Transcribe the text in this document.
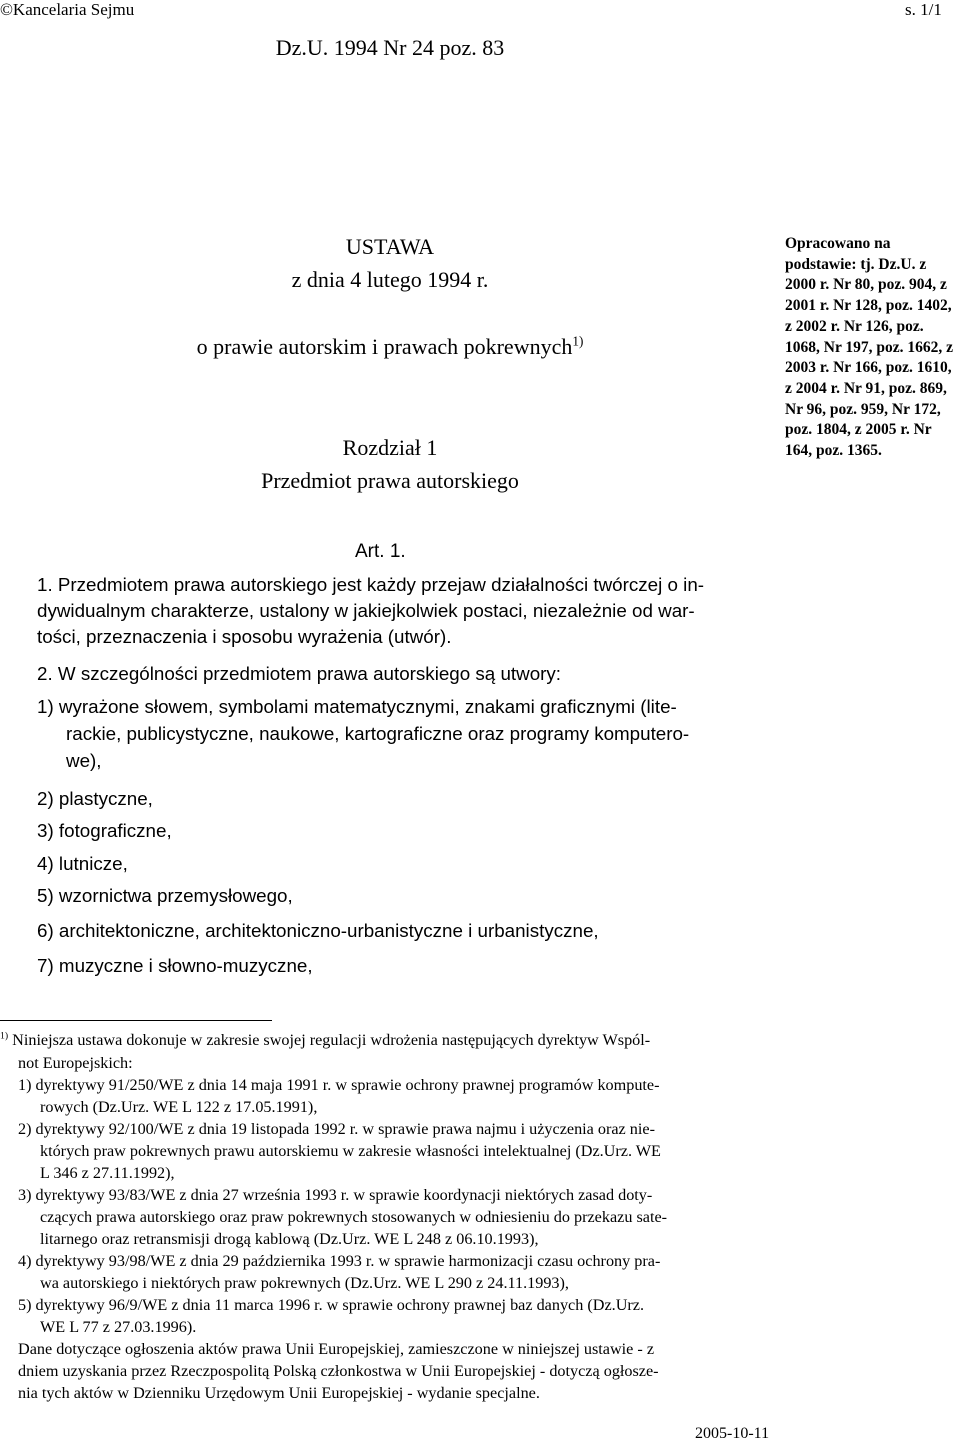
©Kancelaria Sejmu	s. 1/1
Dz.U. 1994 Nr 24 poz. 83
USTAWA
z dnia 4 lutego 1994 r.
o prawie autorskim i prawach pokrewnych$^{1)}$
Rozdział 1
Przedmiot prawa autorskiego
Opracowano na podstawie: tj. Dz.U. z 2000 r. Nr 80, poz. 904, z 2001 r. Nr 128, poz. 1402, z 2002 r. Nr 126, poz. 1068, Nr 197, poz. 1662, z 2003 r. Nr 166, poz. 1610, z 2004 r. Nr 91, poz. 869, Nr 96, poz. 959, Nr 172, poz. 1804, z 2005 r. Nr 164, poz. 1365.
Art. 1.
1. Przedmiotem prawa autorskiego jest każdy przejaw działalności twórczej o in-
dywidualnym charakterze, ustalony w jakiejkolwiek postaci, niezależnie od war-
tości, przeznaczenia i sposobu wyrażenia (utwór).
2. W szczególności przedmiotem prawa autorskiego są utwory:
1) wyrażone słowem, symbolami matematycznymi, znakami graficznymi (lite-
rackie, publicystyczne, naukowe, kartograficzne oraz programy komputero-
we),
2) plastyczne,
3) fotograficzne,
4) lutnicze,
5) wzornictwa przemysłowego,
6) architektoniczne, architektoniczno-urbanistyczne i urbanistyczne,
7) muzyczne i słowno-muzyczne,
$^{1)}$ Niniejsza ustawa dokonuje w zakresie swojej regulacji wdrożenia następujących dyrektyw Wspól-
not Europejskich:
1) dyrektywy 91/250/WE z dnia 14 maja 1991 r. w sprawie ochrony prawnej programów kompute-
rowych (Dz.Urz. WE L 122 z 17.05.1991),
2) dyrektywy 92/100/WE z dnia 19 listopada 1992 r. w sprawie prawa najmu i użyczenia oraz nie-
których praw pokrewnych prawu autorskiemu w zakresie własności intelektualnej (Dz.Urz. WE
L 346 z 27.11.1992),
3) dyrektywy 93/83/WE z dnia 27 września 1993 r. w sprawie koordynacji niektórych zasad doty-
czących prawa autorskiego oraz praw pokrewnych stosowanych w odniesieniu do przekazu sate-
litarnego oraz retransmisji drogą kablową (Dz.Urz. WE L 248 z 06.10.1993),
4) dyrektywy 93/98/WE z dnia 29 października 1993 r. w sprawie harmonizacji czasu ochrony pra-
wa autorskiego i niektórych praw pokrewnych (Dz.Urz. WE L 290 z 24.11.1993),
5) dyrektywy 96/9/WE z dnia 11 marca 1996 r. w sprawie ochrony prawnej baz danych (Dz.Urz.
WE L 77 z 27.03.1996).
Dane dotyczące ogłoszenia aktów prawa Unii Europejskiej, zamieszczone w niniejszej ustawie - z
dniem uzyskania przez Rzeczpospolitą Polską członkostwa w Unii Europejskiej - dotyczą ogłosze-
nia tych aktów w Dzienniku Urzędowym Unii Europejskiej - wydanie specjalne.
2005-10-11
